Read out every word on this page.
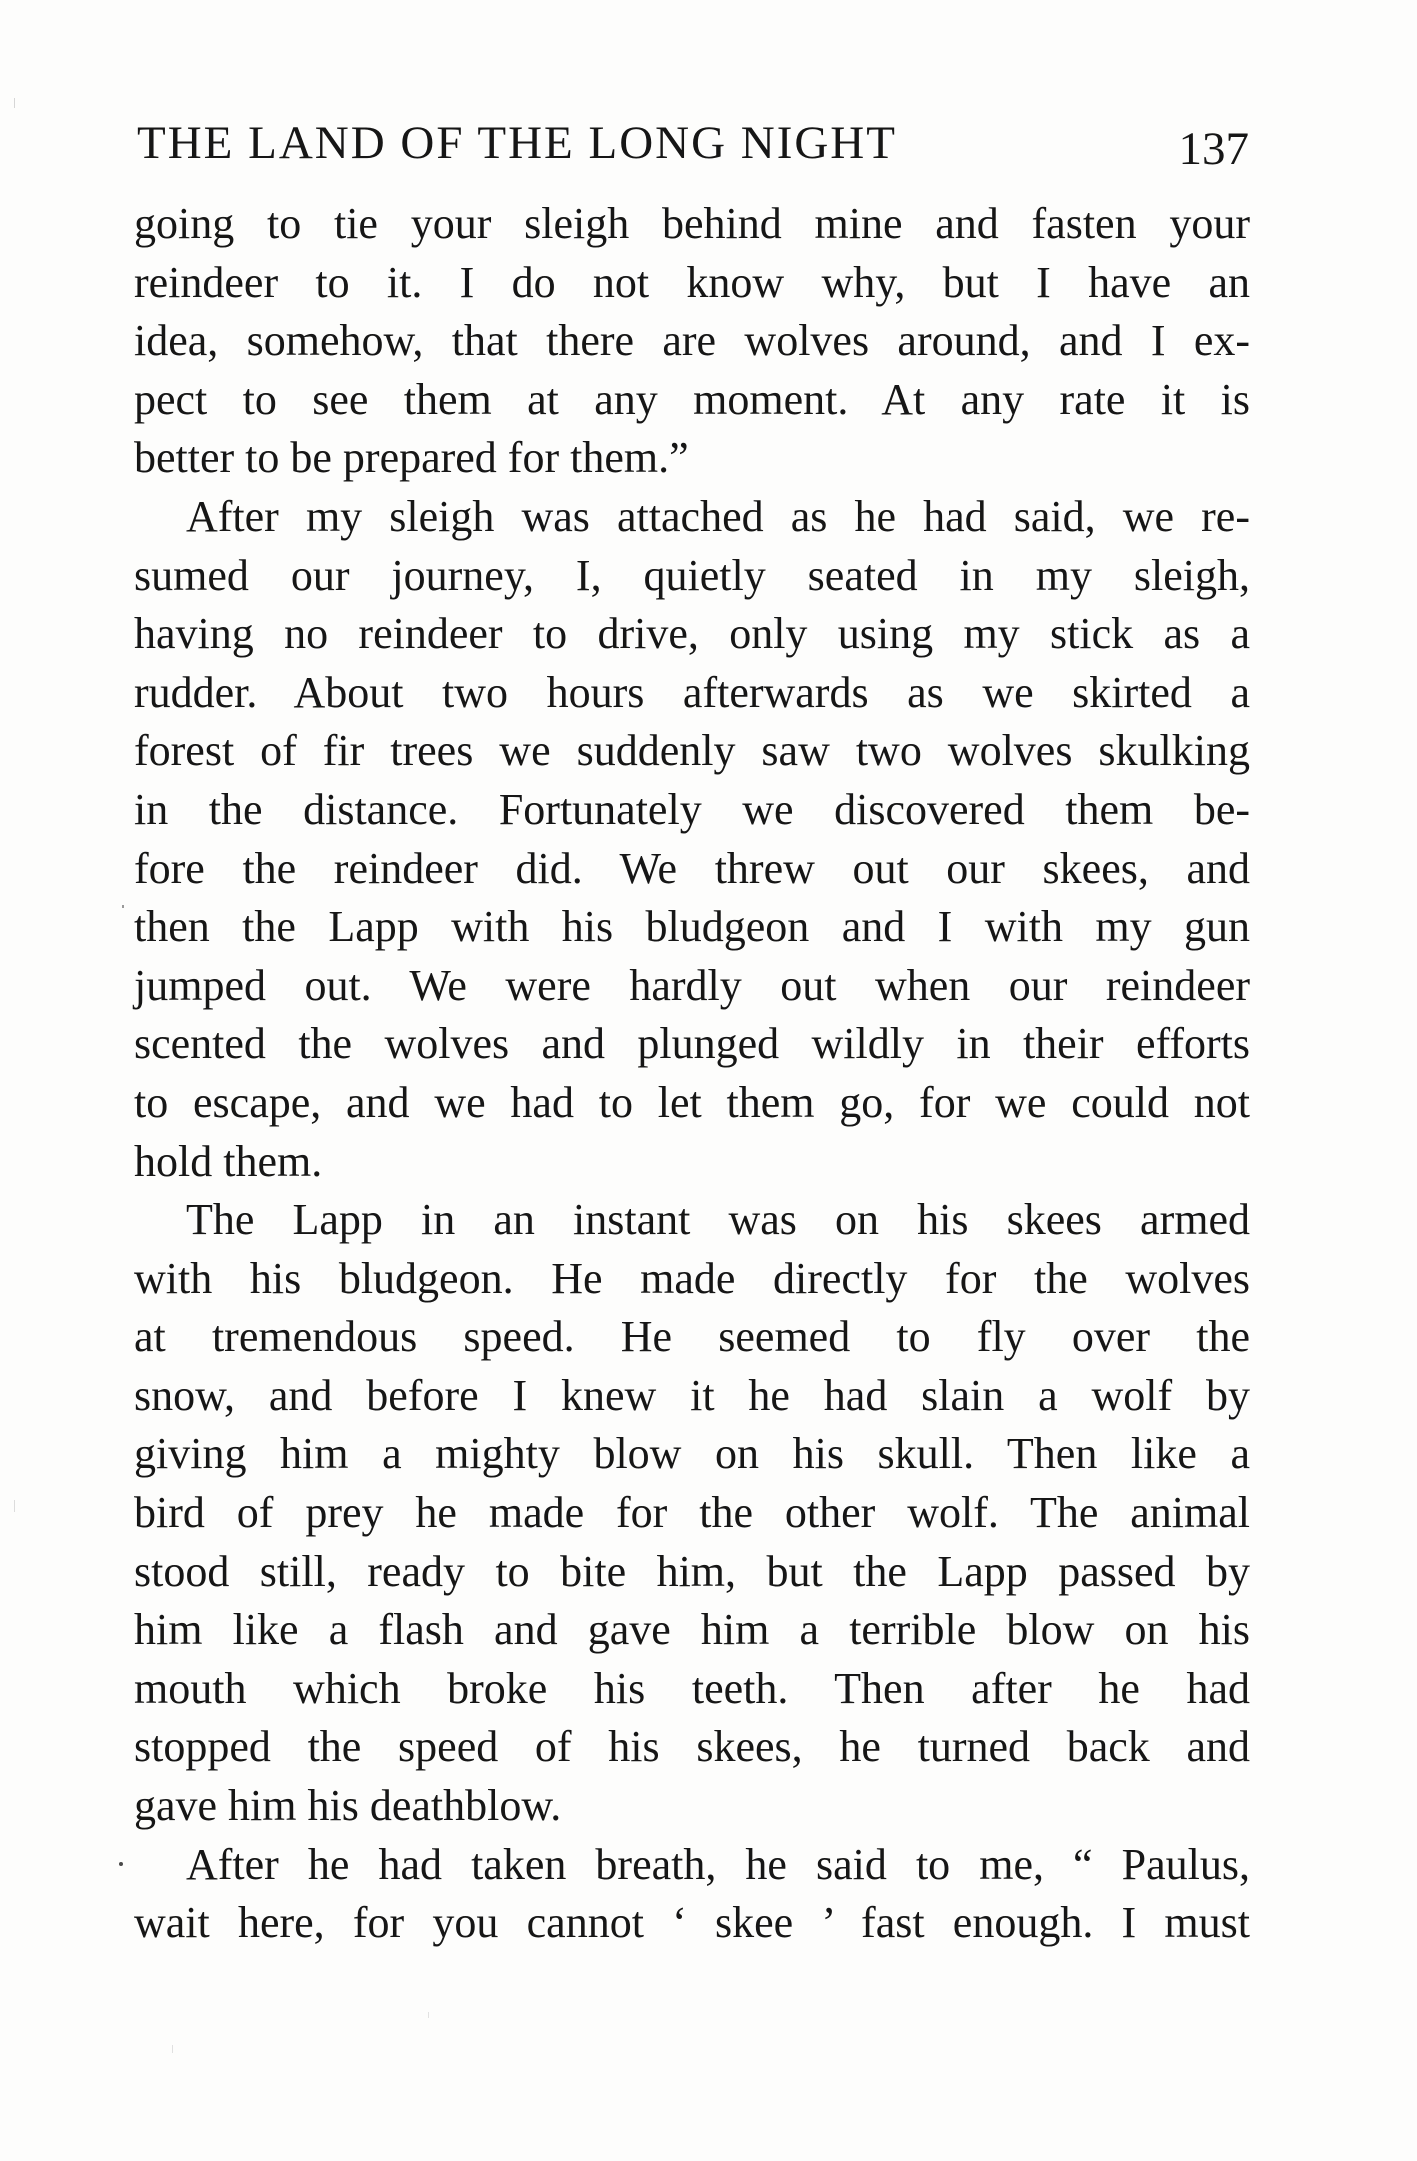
THE LAND OF THE LONG NIGHT	137
going to tie your sleigh behind mine and fasten your
reindeer to it. I do not know why, but I have an
idea, somehow, that there are wolves around, and I ex-
pect to see them at any moment. At any rate it is
better to be prepared for them.”
After my sleigh was attached as he had said, we re-
sumed our journey, I, quietly seated in my sleigh,
having no reindeer to drive, only using my stick as a
rudder. About two hours afterwards as we skirted a
forest of fir trees we suddenly saw two wolves skulking
in the distance. Fortunately we discovered them be-
fore the reindeer did. We threw out our skees, and
then the Lapp with his bludgeon and I with my gun
jumped out. We were hardly out when our reindeer
scented the wolves and plunged wildly in their efforts
to escape, and we had to let them go, for we could not
hold them.
The Lapp in an instant was on his skees armed
with his bludgeon. He made directly for the wolves
at tremendous speed. He seemed to fly over the
snow, and before I knew it he had slain a wolf by
giving him a mighty blow on his skull. Then like a
bird of prey he made for the other wolf. The animal
stood still, ready to bite him, but the Lapp passed by
him like a flash and gave him a terrible blow on his
mouth which broke his teeth. Then after he had
stopped the speed of his skees, he turned back and
gave him his deathblow.
After he had taken breath, he said to me, “ Paulus,
wait here, for you cannot ‘ skee ’ fast enough. I must
